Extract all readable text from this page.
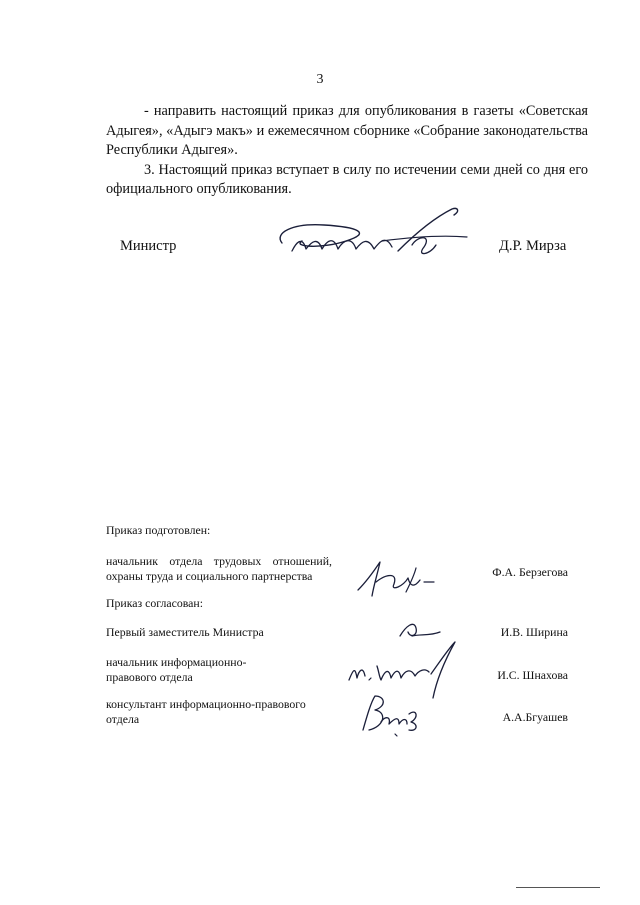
3

- направить настоящий приказ для опубликования в газеты «Советская Адыгея», «Адыгэ макъ» и ежемесячном сборнике «Собрание законодательства Республики Адыгея».

3. Настоящий приказ вступает в силу по истечении семи дней со дня его официального опубликования.

Министр	Д.Р. Мирза
Приказ подготовлен:
начальник отдела трудовых отношений, охраны труда и социального партнерства	Ф.А. Берзегова
Приказ согласован:
Первый заместитель Министра	И.В. Ширина
начальник информационно-правового отдела	И.С. Шнахова
консультант информационно-правового отдела	А.А.Бгуашев
